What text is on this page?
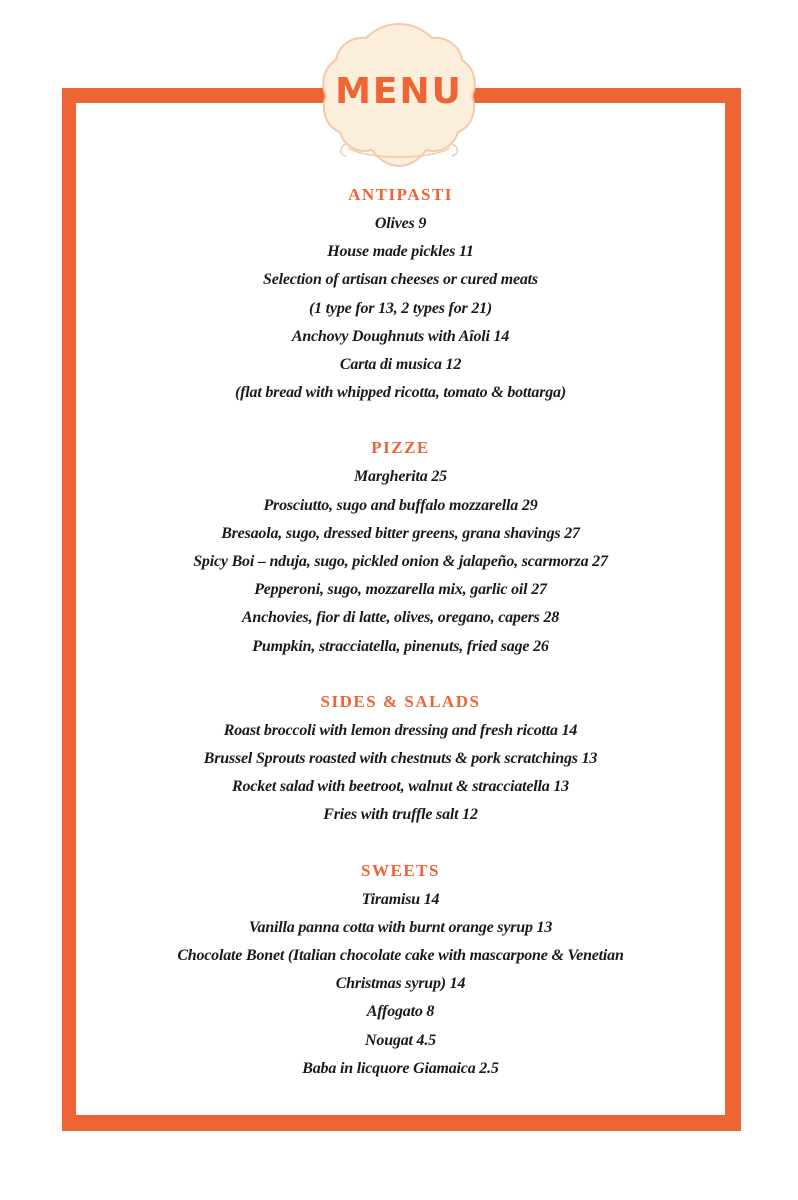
MENU

ANTIPASTI

Olives 9

House made pickles 11

Selection of artisan cheeses or cured meats

(1 type for 13, 2 types for 21)

Anchovy Doughnuts with Aîoli 14

Carta di musica 12

(flat bread with whipped ricotta, tomato & bottarga)

PIZZE

Margherita 25

Prosciutto, sugo and buffalo mozzarella 29

Bresaola, sugo, dressed bitter greens, grana shavings 27

Spicy Boi – nduja, sugo, pickled onion & jalapeño, scarmorza 27

Pepperoni, sugo, mozzarella mix, garlic oil 27

Anchovies, fior di latte, olives, oregano, capers 28

Pumpkin, stracciatella, pinenuts, fried sage 26

SIDES & SALADS

Roast broccoli with lemon dressing and fresh ricotta 14

Brussel Sprouts roasted with chestnuts & pork scratchings 13

Rocket salad with beetroot, walnut & stracciatella 13

Fries with truffle salt 12

SWEETS

Tiramisu 14

Vanilla panna cotta with burnt orange syrup 13

Chocolate Bonet (Italian chocolate cake with mascarpone & Venetian

Christmas syrup) 14

Affogato 8

Nougat 4.5

Baba in licquore Giamaica 2.5
